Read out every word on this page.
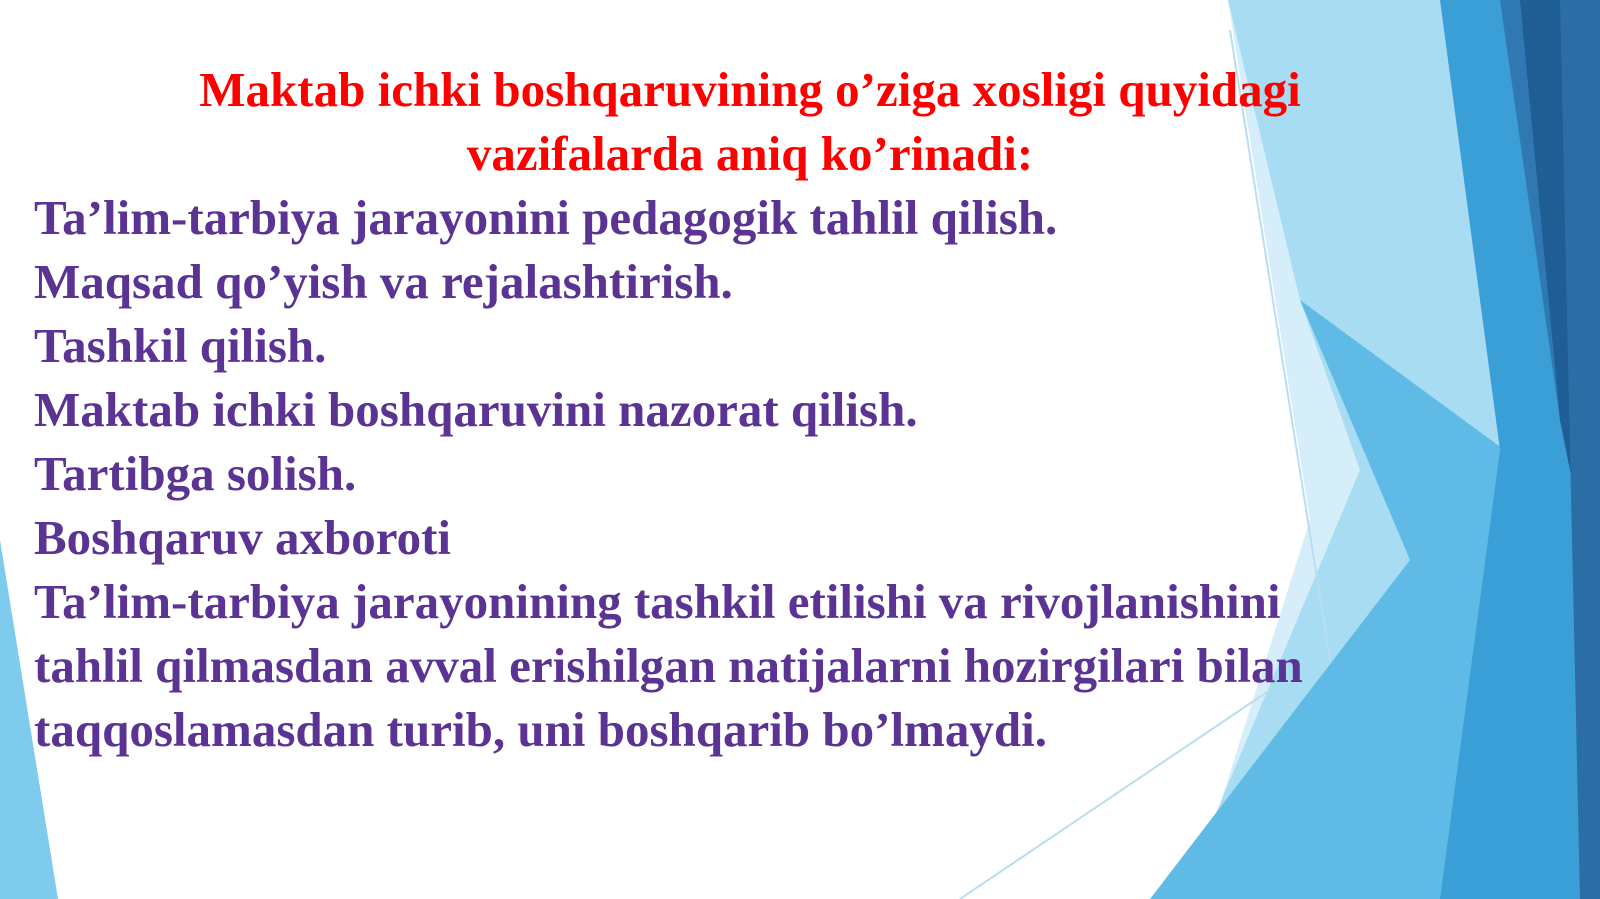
Maktab ichki boshqaruvining o’ziga xosligi quyidagi
vazifalarda aniq ko’rinadi:
Ta’lim-tarbiya jarayonini pedagogik tahlil qilish.
Maqsad qo’yish va rejalashtirish.
Tashkil qilish.
Maktab ichki boshqaruvini nazorat qilish.
Tartibga solish.
Boshqaruv axboroti
Ta’lim-tarbiya jarayonining tashkil etilishi va rivojlanishini
tahlil qilmasdan avval erishilgan natijalarni hozirgilari bilan
taqqoslamasdan turib, uni boshqarib bo’lmaydi.
